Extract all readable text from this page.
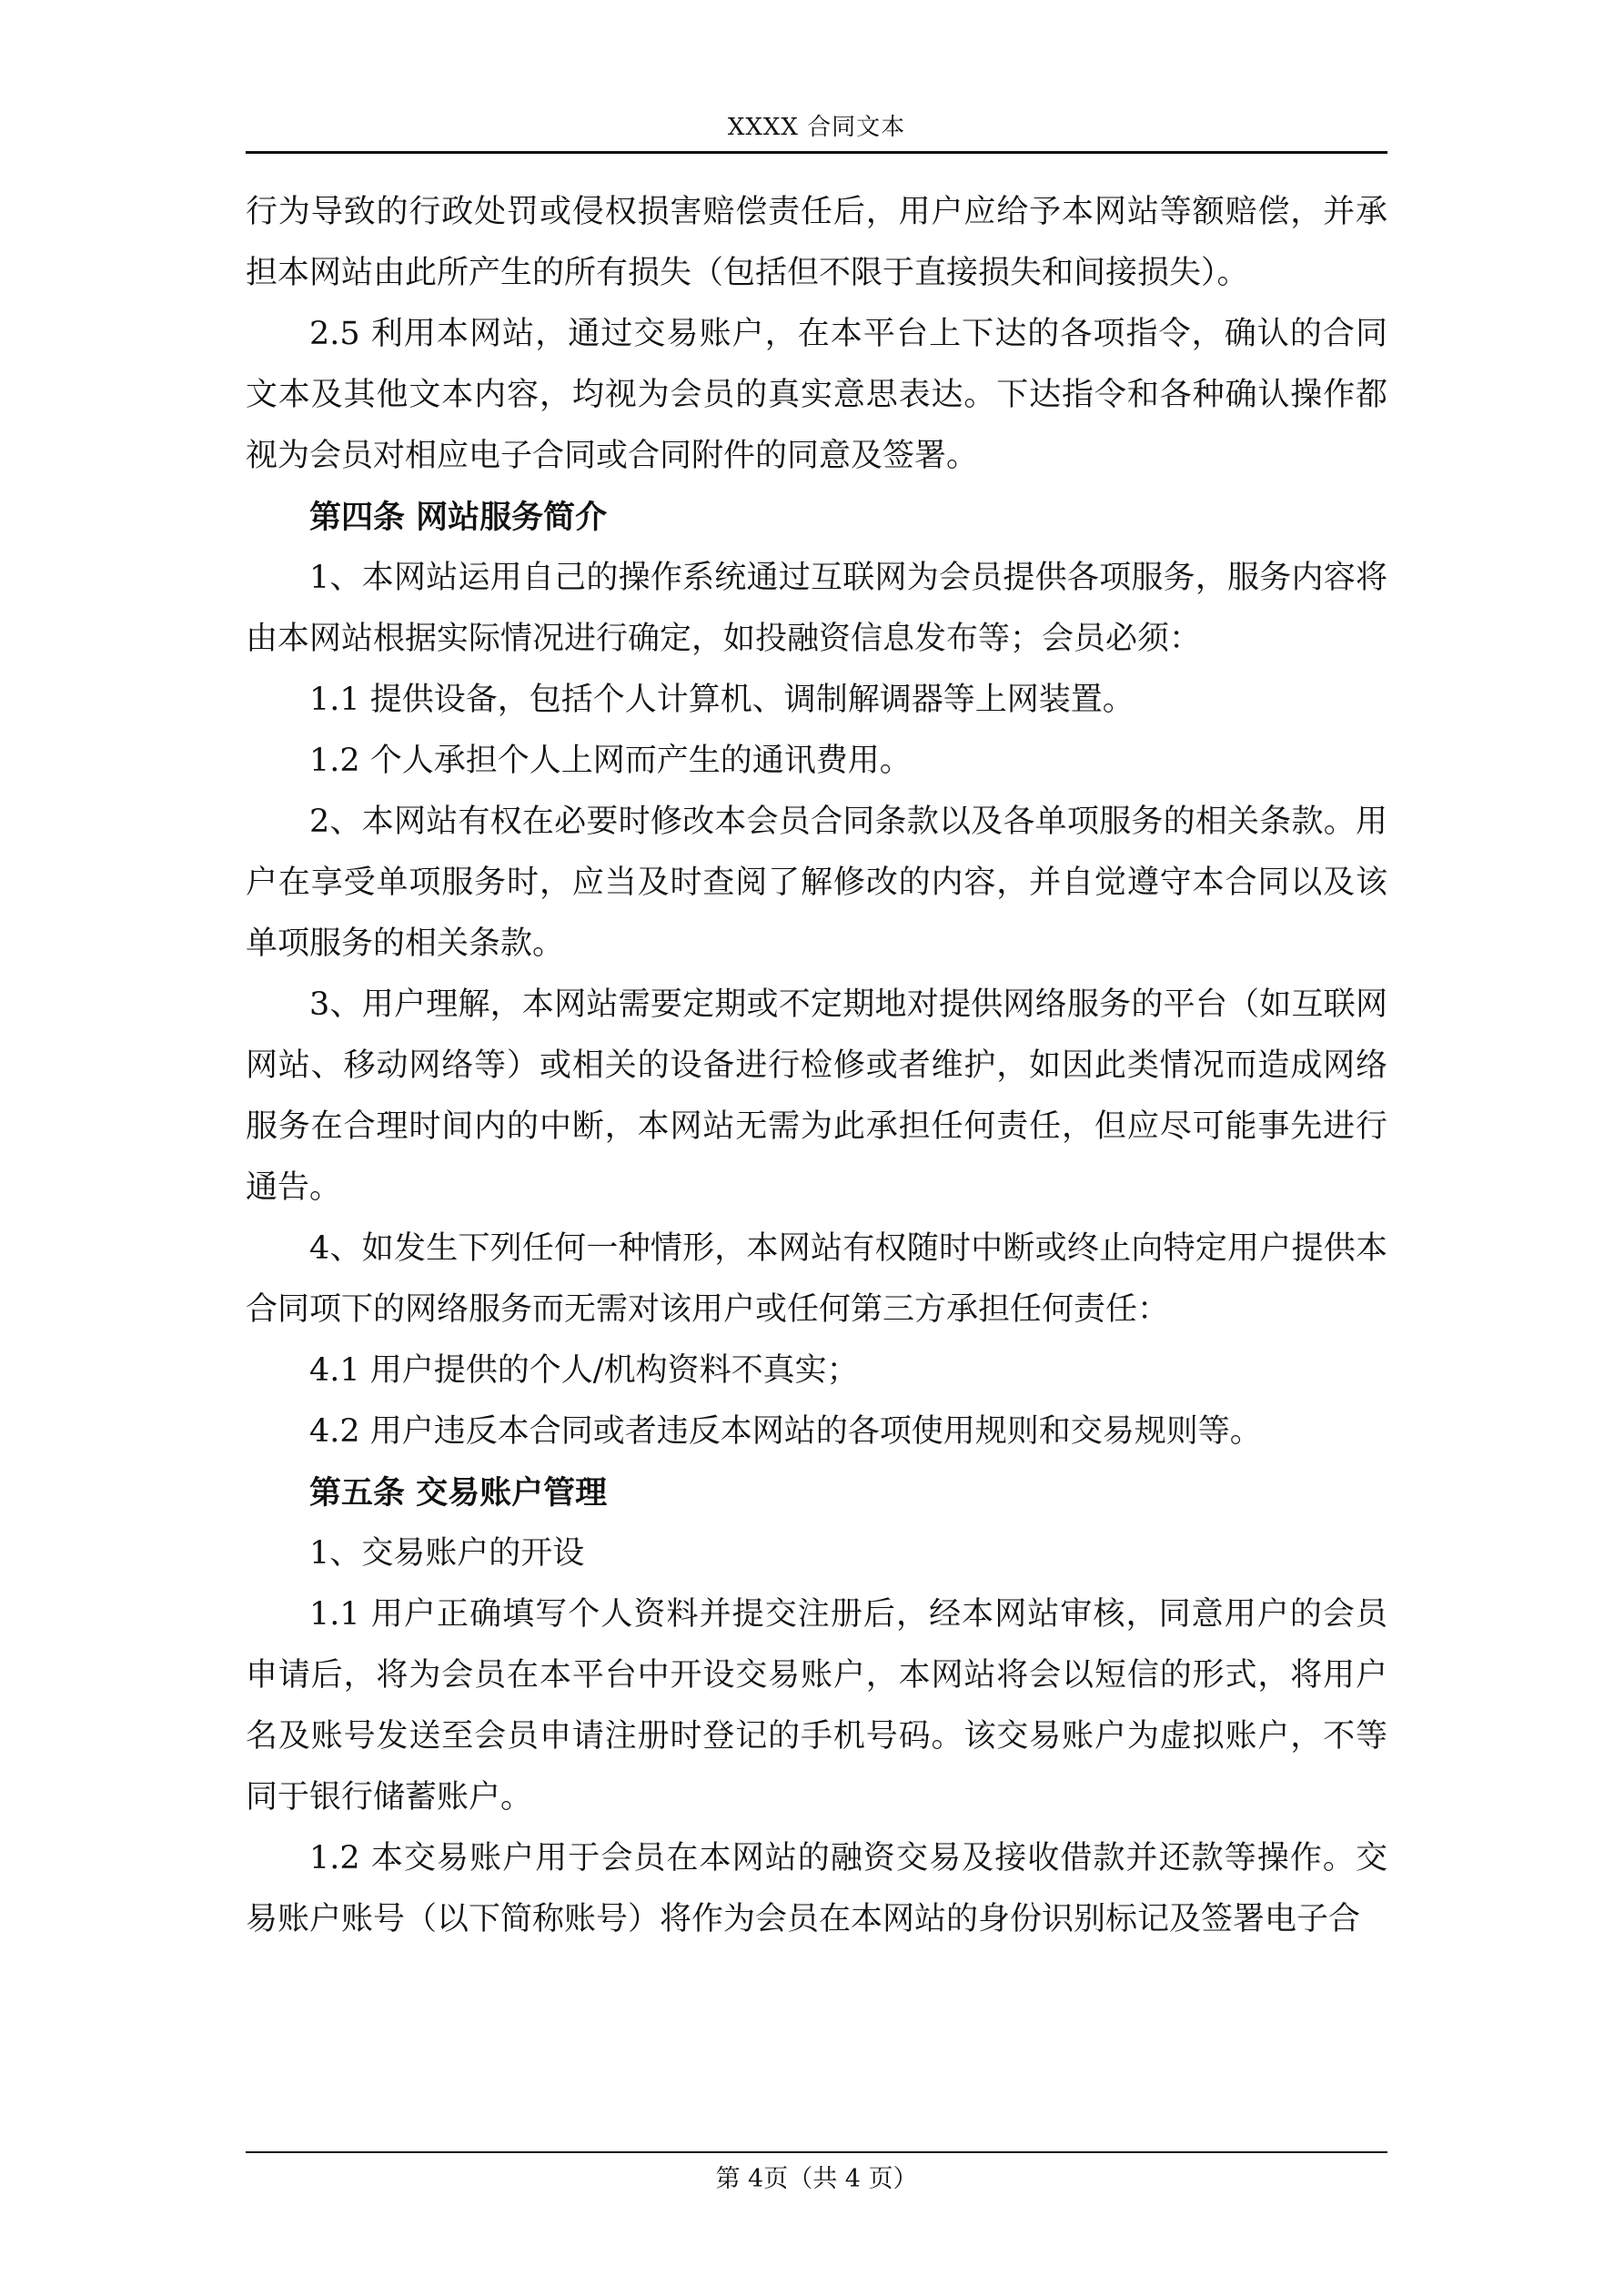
XXXX 合同文本

行为导致的行政处罚或侵权损害赔偿责任后，用户应给予本网站等额赔偿，并承担本网站由此所产生的所有损失（包括但不限于直接损失和间接损失）。

2.5 利用本网站，通过交易账户，在本平台上下达的各项指令，确认的合同文本及其他文本内容，均视为会员的真实意思表达。下达指令和各种确认操作都视为会员对相应电子合同或合同附件的同意及签署。

第四条 网站服务简介

1、本网站运用自己的操作系统通过互联网为会员提供各项服务，服务内容将由本网站根据实际情况进行确定，如投融资信息发布等；会员必须：

1.1 提供设备，包括个人计算机、调制解调器等上网装置。

1.2 个人承担个人上网而产生的通讯费用。

2、本网站有权在必要时修改本会员合同条款以及各单项服务的相关条款。用户在享受单项服务时，应当及时查阅了解修改的内容，并自觉遵守本合同以及该单项服务的相关条款。

3、用户理解，本网站需要定期或不定期地对提供网络服务的平台（如互联网网站、移动网络等）或相关的设备进行检修或者维护，如因此类情况而造成网络服务在合理时间内的中断，本网站无需为此承担任何责任，但应尽可能事先进行通告。

4、如发生下列任何一种情形，本网站有权随时中断或终止向特定用户提供本合同项下的网络服务而无需对该用户或任何第三方承担任何责任：

4.1 用户提供的个人/机构资料不真实；

4.2 用户违反本合同或者违反本网站的各项使用规则和交易规则等。

第五条 交易账户管理

1、交易账户的开设

1.1 用户正确填写个人资料并提交注册后，经本网站审核，同意用户的会员申请后，将为会员在本平台中开设交易账户，本网站将会以短信的形式，将用户名及账号发送至会员申请注册时登记的手机号码。该交易账户为虚拟账户，不等同于银行储蓄账户。

1.2 本交易账户用于会员在本网站的融资交易及接收借款并还款等操作。交易账户账号（以下简称账号）将作为会员在本网站的身份识别标记及签署电子合

第 4页（共 4 页）
